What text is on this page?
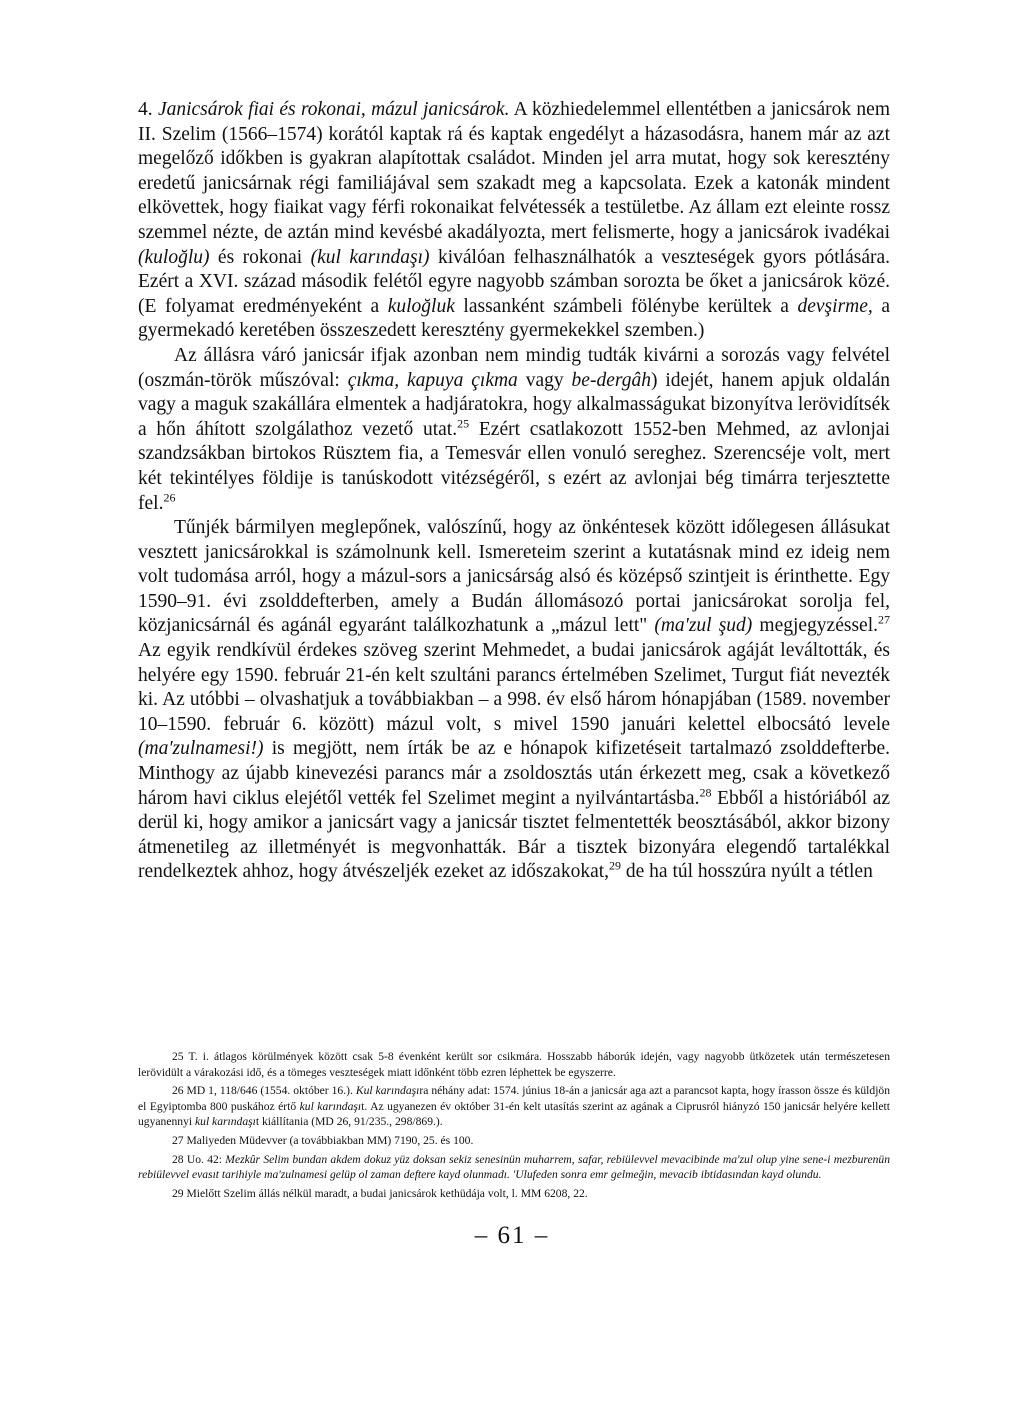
4. Janicsárok fiai és rokonai, mázul janicsárok. A közhiedelemmel ellentétben a janicsárok nem II. Szelim (1566–1574) korától kaptak rá és kaptak engedélyt a házasodásra, hanem már az azt megelőző időkben is gyakran alapítottak családot. Minden jel arra mutat, hogy sok keresztény eredetű janicsárnak régi familiájával sem szakadt meg a kapcsolata. Ezek a katonák mindent elkövettek, hogy fiaikat vagy férfi rokonaikat felvétessék a testületbe. Az állam ezt eleinte rossz szemmel nézte, de aztán mind kevésbé akadályozta, mert felismerte, hogy a janicsárok ivadékai (kuloğlu) és rokonai (kul karındaşı) kiválóan felhasználhatók a veszteségek gyors pótlására. Ezért a XVI. század második felétől egyre nagyobb számban sorozta be őket a janicsárok közé. (E folyamat eredményeként a kuloğluk lassanként számbeli fölénybe kerültek a devşirme, a gyermekadó keretében összeszedett keresztény gyermekekkel szemben.)

Az állásra váró janicsár ifjak azonban nem mindig tudták kivárni a sorozás vagy felvétel (oszmán-török műszóval: çıkma, kapuya çıkma vagy be-dergâh) idejét, hanem apjuk oldalán vagy a maguk szakállára elmentek a hadjáratokra, hogy alkalmasságukat bizonyítva lerövidítsék a hőn áhított szolgálathoz vezető utat.$^{25}$ Ezért csatlakozott 1552-ben Mehmed, az avlonjai szandzsákban birtokos Rüsztem fia, a Temesvár ellen vonuló sereghez. Szerencséje volt, mert két tekintélyes földije is tanúskodott vitézségéről, s ezért az avlonjai bég timárra terjesztette fel.$^{26}$

Tűnjék bármilyen meglepőnek, valószínű, hogy az önkéntesek között időlegesen állásukat vesztett janicsárokkal is számolnunk kell. Ismereteim szerint a kutatásnak mind ez ideig nem volt tudomása arról, hogy a mázul-sors a janicsárság alsó és középső szintjeit is érinthette. Egy 1590–91. évi zsolddefterben, amely a Budán állomásozó portai janicsárokat sorolja fel, közjanicsárnál és agánál egyaránt találkozhatunk a „mázul lett" (ma'zul şud) megjegyzéssel.$^{27}$ Az egyik rendkívül érdekes szöveg szerint Mehmedet, a budai janicsárok agáját leváltották, és helyére egy 1590. február 21-én kelt szultáni parancs értelmében Szelimet, Turgut fiát nevezték ki. Az utóbbi – olvashatjuk a továbbiakban – a 998. év első három hónapjában (1589. november 10–1590. február 6. között) mázul volt, s mivel 1590 januári kelettel elbocsátó levele (ma'zulnamesi!) is megjött, nem írták be az e hónapok kifizetéseit tartalmazó zsolddefterbe. Minthogy az újabb kinevezési parancs már a zsoldosztás után érkezett meg, csak a következő három havi ciklus elejétől vették fel Szelimet megint a nyilvántartásba.$^{28}$ Ebből a históriából az derül ki, hogy amikor a janicsárt vagy a janicsár tisztet felmentették beosztásából, akkor bizony átmenetileg az illetményét is megvonhatták. Bár a tisztek bizonyára elegendő tartalékkal rendelkeztek ahhoz, hogy átvészeljék ezeket az időszakokat,$^{29}$ de ha túl hosszúra nyúlt a tétlen

25 T. i. átlagos körülmények között csak 5-8 évenként került sor csikmára. Hosszabb háborúk idején, vagy nagyobb ütközetek után természetesen lerövidült a várakozási idő, és a tömeges veszteségek miatt időnként több ezren léphettek be egyszerre.

26 MD 1, 118/646 (1554. október 16.). Kul karındaşıra néhány adat: 1574. június 18-án a janicsár aga azt a parancsot kapta, hogy írasson össze és küldjön el Egyiptomba 800 puskához értő kul karındaşıt. Az ugyanezen év október 31-én kelt utasítás szerint az agának a Ciprusról hiányzó 150 janicsár helyére kellett ugyanennyi kul karındaşıt kiállítania (MD 26, 91/235., 298/869.).

27 Maliyeden Müdevver (a továbbiakban MM) 7190, 25. és 100.

28 Uo. 42: Mezkûr Selim bundan akdem dokuz yüz doksan sekiz senesinün muharrem, safar, rebiülevvel mevacibinde ma'zul olup yine sene-i mezburenün rebiülevvel evasıt tarihiyle ma'zulnamesi gelüp ol zaman deftere kayd olunmadı. 'Ulufeden sonra emr gelmeğin, mevacib ibtidasından kayd olundu.

29 Mielőtt Szelim állás nélkül maradt, a budai janicsárok kethüdája volt, l. MM 6208, 22.

– 61 –
